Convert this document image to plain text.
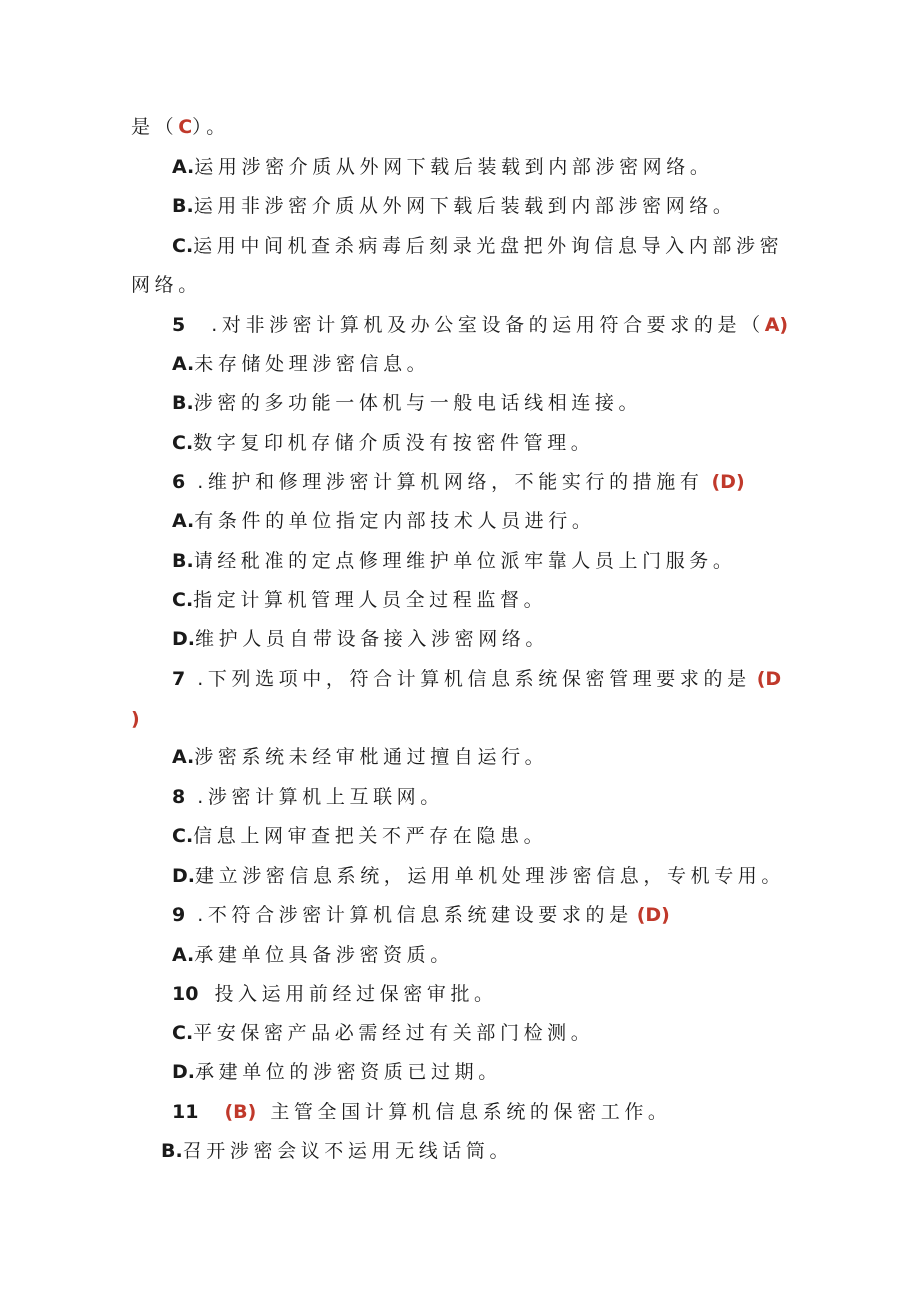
是（C）。
A.运用涉密介质从外网下载后装载到内部涉密网络。
B.运用非涉密介质从外网下载后装载到内部涉密网络。
C.运用中间机查杀病毒后刻录光盘把外询信息导入内部涉密
网络。
5 .对非涉密计算机及办公室设备的运用符合要求的是（A)
A.未存储处理涉密信息。
B.涉密的多功能一体机与一般电话线相连接。
C.数字复印机存储介质没有按密件管理。
6 .维护和修理涉密计算机网络，不能实行的措施有 (D)
A.有条件的单位指定内部技术人员进行。
B.请经秕准的定点修理维护单位派牢靠人员上门服务。
C.指定计算机管理人员全过程监督。
D.维护人员自带设备接入涉密网络。
7 .下列选项中，符合计算机信息系统保密管理要求的是 (D
)
A.涉密系统未经审枇通过擅自运行。
8 .涉密计算机上互联网。
C.信息上网审查把关不严存在隐患。
D.建立涉密信息系统，运用单机处理涉密信息，专机专用。
9 .不符合涉密计算机信息系统建设要求的是 (D)
A.承建单位具备涉密资质。
10 投入运用前经过保密审批。
C.平安保密产品必需经过有关部门检测。
D.承建单位的涉密资质已过期。
11 (B) 主管全国计算机信息系统的保密工作。
B.召开涉密会议不运用无线话筒。
